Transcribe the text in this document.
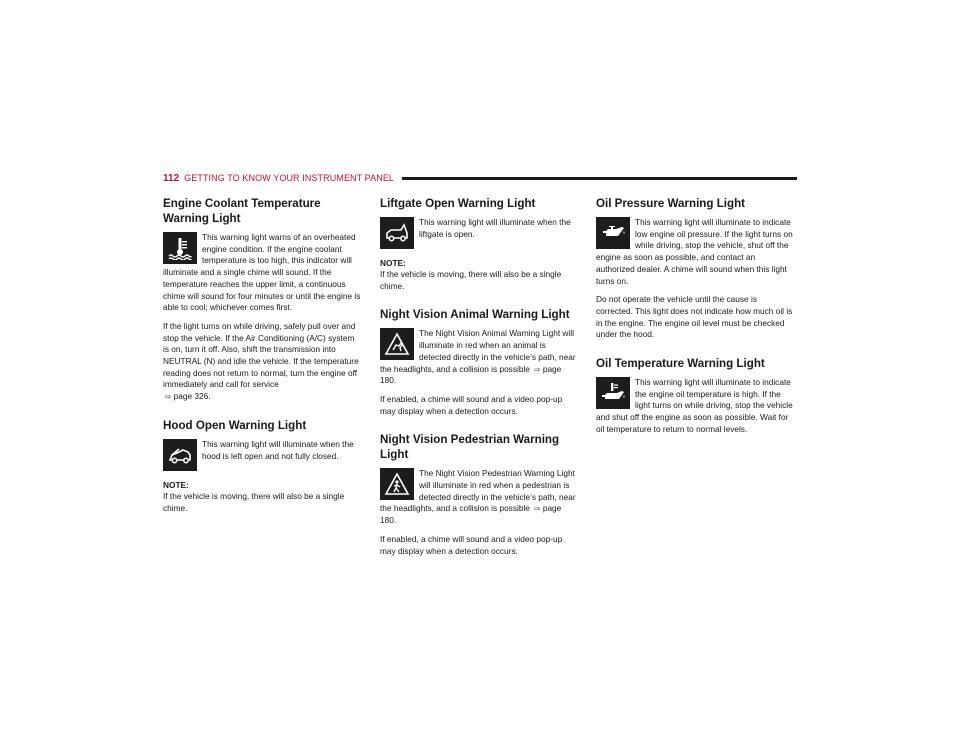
112 GETTING TO KNOW YOUR INSTRUMENT PANEL
Engine Coolant Temperature Warning Light

This warning light warns of an overheated engine condition. If the engine coolant temperature is too high, this indicator will illuminate and a single chime will sound. If the temperature reaches the upper limit, a continuous chime will sound for four minutes or until the engine is able to cool; whichever comes first.

If the light turns on while driving, safely pull over and stop the vehicle. If the Air Conditioning (A/C) system is on, turn it off. Also, shift the transmission into NEUTRAL (N) and idle the vehicle. If the temperature reading does not return to normal, turn the engine off immediately and call for service
⇨ page 326.

Hood Open Warning Light

This warning light will illuminate when the hood is left open and not fully closed.

NOTE:

If the vehicle is moving, there will also be a single chime.

Liftgate Open Warning Light

This warning light will illuminate when the liftgate is open.

NOTE:

If the vehicle is moving, there will also be a single chime.

Night Vision Animal Warning Light

The Night Vision Animal Warning Light will illuminate in red when an animal is detected directly in the vehicle’s path, near the headlights, and a collision is possible ⇨ page 180.

If enabled, a chime will sound and a video pop-up may display when a detection occurs.

Night Vision Pedestrian Warning Light

The Night Vision Pedestrian Warning Light will illuminate in red when a pedestrian is detected directly in the vehicle’s path, near the headlights, and a collision is possible ⇨ page 180.

If enabled, a chime will sound and a video pop-up may display when a detection occurs.

Oil Pressure Warning Light

This warning light will illuminate to indicate low engine oil pressure. If the light turns on while driving, stop the vehicle, shut off the engine as soon as possible, and contact an authorized dealer. A chime will sound when this light turns on.

Do not operate the vehicle until the cause is corrected. This light does not indicate how much oil is in the engine. The engine oil level must be checked under the hood.

Oil Temperature Warning Light

This warning light will illuminate to indicate the engine oil temperature is high. If the light turns on while driving, stop the vehicle and shut off the engine as soon as possible. Wait for oil temperature to return to normal levels.
